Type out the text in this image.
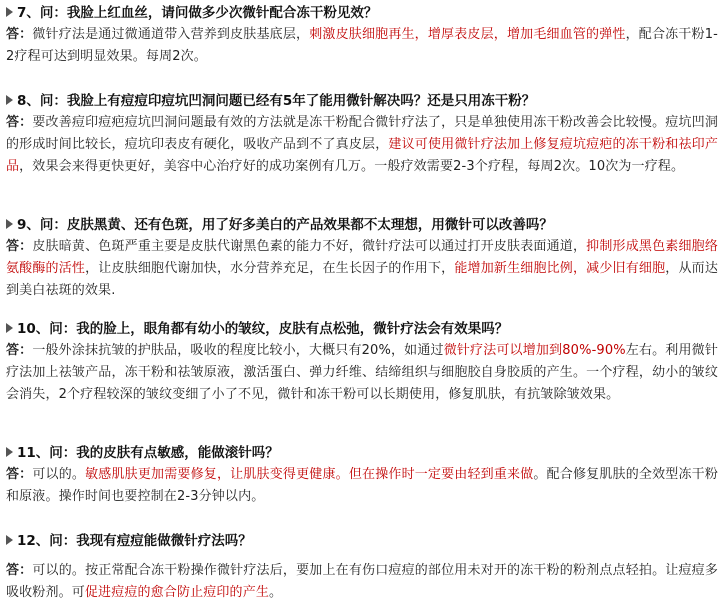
7、问：我脸上红血丝，请问做多少次微针配合冻干粉见效？
答：微针疗法是通过微通道带入营养到皮肤基底层，刺激皮肤细胞再生，增厚表皮层，增加毛细血管的弹性，配合冻干粉1-2疗程可达到明显效果。每周2次。
8、问：我脸上有痘痘印痘坑凹洞问题已经有5年了能用微针解决吗？还是只用冻干粉？
答：要改善痘印痘疤痘坑凹洞问题最有效的方法就是冻干粉配合微针疗法了，只是单独使用冻干粉改善会比较慢。痘坑凹洞的形成时间比较长，痘坑印表皮有硬化，吸收产品到不了真皮层，建议可使用微针疗法加上修复痘坑痘疤的冻干粉和祛印产品，效果会来得更快更好，美容中心治疗好的成功案例有几万。一般疗效需要2-3个疗程，每周2次。10次为一疗程。
9、问：皮肤黑黄、还有色斑，用了好多美白的产品效果都不太理想，用微针可以改善吗？
答：皮肤暗黄、色斑严重主要是皮肤代谢黑色素的能力不好，微针疗法可以通过打开皮肤表面通道，抑制形成黑色素细胞络氨酸酶的活性，让皮肤细胞代谢加快，水分营养充足，在生长因子的作用下，能增加新生细胞比例，减少旧有细胞，从而达到美白祛斑的效果.
10、问：我的脸上，眼角都有幼小的皱纹，皮肤有点松弛，微针疗法会有效果吗？
答：一般外涂抹抗皱的护肤品，吸收的程度比较小，大概只有20%，如通过微针疗法可以增加到80%-90%左右。利用微针疗法加上祛皱产品，冻干粉和祛皱原液，激活蛋白、弹力纤维、结缔组织与细胞胶自身胶质的产生。一个疗程，幼小的皱纹会消失，2个疗程较深的皱纹变细了小了不见，微针和冻干粉可以长期使用，修复肌肤，有抗皱除皱效果。
11、问：我的皮肤有点敏感，能做滚针吗？
答：可以的。敏感肌肤更加需要修复，让肌肤变得更健康。但在操作时一定要由轻到重来做。配合修复肌肤的全效型冻干粉和原液。操作时间也要控制在2-3分钟以内。
12、问：我现有痘痘能做微针疗法吗？
答：可以的。按正常配合冻干粉操作微针疗法后，要加上在有伤口痘痘的部位用未对开的冻干粉的粉剂点点轻拍。让痘痘多吸收粉剂。可促进痘痘的愈合防止痘印的产生。
